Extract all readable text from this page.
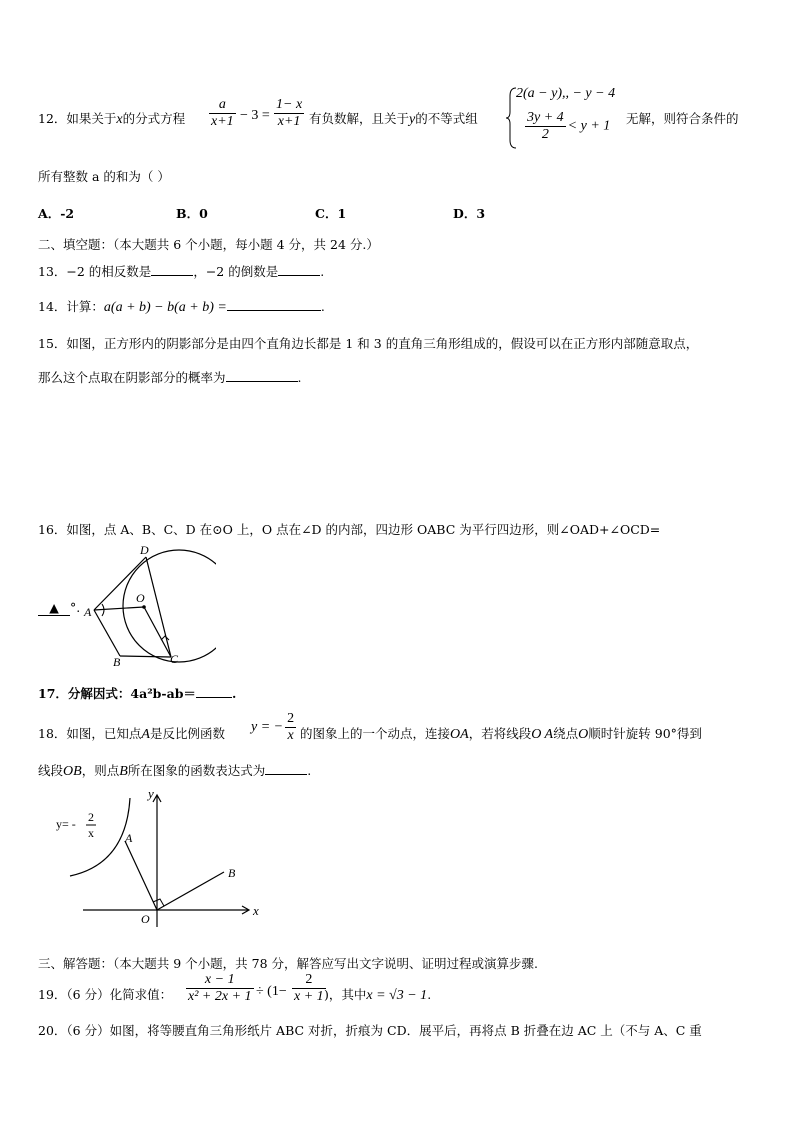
12．如果关于x的分式方程 $\frac{a}{x+1} - 3 = \frac{1- x}{x+1}$ 有负数解，且关于y的不等式组
2(a − y),, − y − 4
$\frac{3y + 4}{2} < y + 1$
无解，则符合条件的
所有整数 a 的和为（ ）
A．-2	B．0	C．1	D．3
二、填空题：（本大题共 6 个小题，每小题 4 分，共 24 分.）
13．−2 的相反数是	，−2 的倒数是	.
14．计算：a(a + b) − b(a + b) =	.
15．如图，正方形内的阴影部分是由四个直角边长都是 1 和 3 的直角三角形组成的，假设可以在正方形内部随意取点，
那么这个点取在阴影部分的概率为	.
16．如图，点 A、B、C、D 在⊙O 上，O 点在∠D 的内部，四边形 OABC 为平行四边形，则∠OAD+∠OCD=
D
O
A
B	C
▲ °.
17．分解因式：4a²b-ab＝	.
18．如图，已知点A是反比例函数 y = − $\frac{2}{x}$ 的图象上的一个动点，连接OA，若将线段O A绕点O顺时针旋转 90°得到
线段OB，则点B所在图象的函数表达式为	.
y= - 2
x
y
x
A
B
O
三、解答题：（本大题共 9 个小题，共 78 分，解答应写出文字说明、证明过程或演算步骤.
19．（6 分）化简求值： $\frac{x - 1}{\text{x² + 2x + 1}} \div (1- \frac{2}{x + 1}$
)，其中x = √3 − 1.
20．（6 分）如图，将等腰直角三角形纸片 ABC 对折，折痕为 CD．展平后，再将点 B 折叠在边 AC 上（不与 A、C 重
